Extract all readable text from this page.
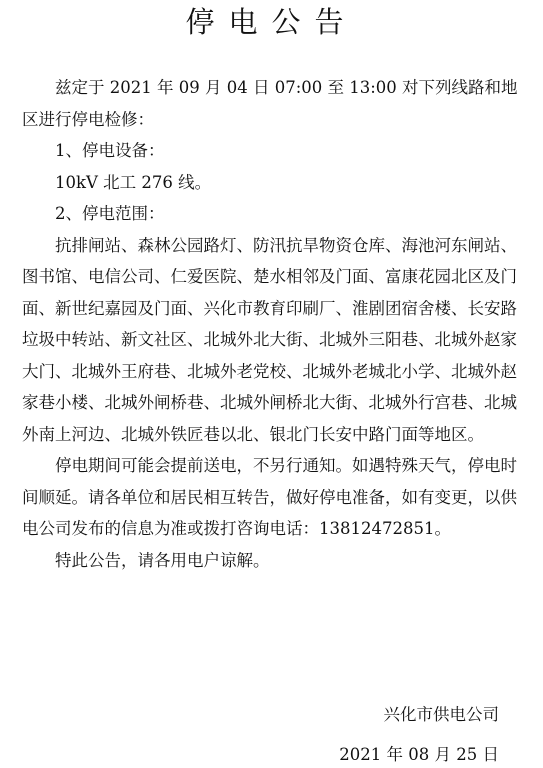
停电公告

兹定于 2021 年 09 月 04 日 07:00 至 13:00 对下列线路和地区进行停电检修：

1、停电设备：

10kV 北工 276 线。

2、停电范围：

抗排闸站、森林公园路灯、防汛抗旱物资仓库、海池河东闸站、图书馆、电信公司、仁爱医院、楚水相邻及门面、富康花园北区及门面、新世纪嘉园及门面、兴化市教育印刷厂、淮剧团宿舍楼、长安路垃圾中转站、新文社区、北城外北大街、北城外三阳巷、北城外赵家大门、北城外王府巷、北城外老党校、北城外老城北小学、北城外赵家巷小楼、北城外闸桥巷、北城外闸桥北大街、北城外行宫巷、北城外南上河边、北城外铁匠巷以北、银北门长安中路门面等地区。

停电期间可能会提前送电，不另行通知。如遇特殊天气，停电时间顺延。请各单位和居民相互转告，做好停电准备，如有变更，以供电公司发布的信息为准或拨打咨询电话：13812472851。

特此公告，请各用电户谅解。

兴化市供电公司
2021 年 08 月 25 日
